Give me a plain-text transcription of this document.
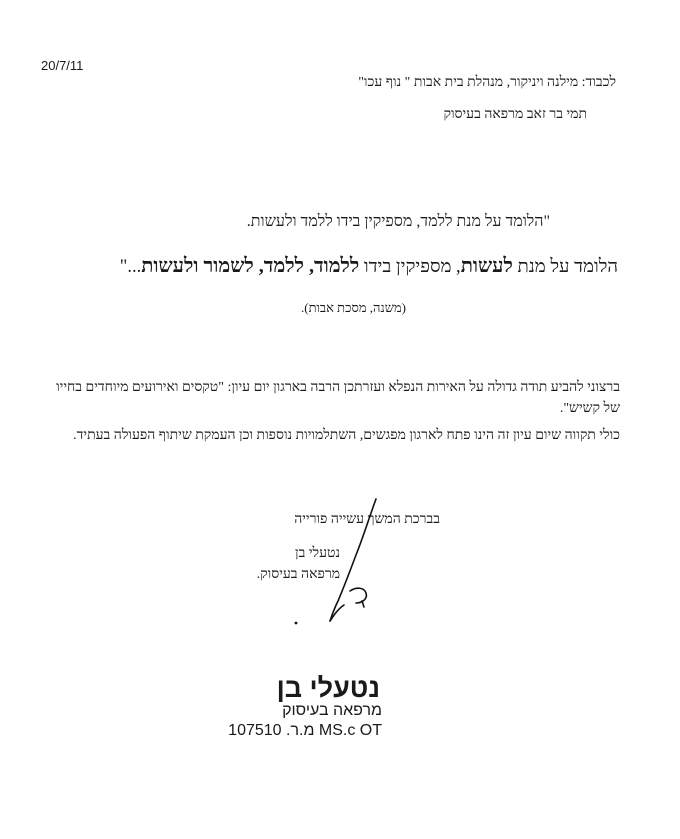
20/7/11
לכבוד: מילנה ויניקור, מנהלת בית אבות " נוף עכו"
תמי בר זאב מרפאה בעיסוק
"הלומד על מנת ללמד, מספיקין בידו ללמד ולעשות.
הלומד על מנת לעשות, מספיקין בידו ללמוד, ללמד, לשמור ולעשות..."
(משנה, מסכת אבות).
ברצוני להביע תודה גדולה על האירות הנפלא ועזרתכן הרבה בארגון יום עיון: "טקסים ואירועים מיוחדים בחייו של קשיש".
כולי תקווה שיום עיון זה הינו פתח לארגון מפגשים, השתלמויות נוספות וכן העמקת שיתוף הפעולה בעתיד.
בברכת המשך עשייה פורייה
נטעלי בן
מרפאה בעיסוק.
נטעלי בן
מרפאה בעיסוק
107510 .מ.ר MS.c OT
